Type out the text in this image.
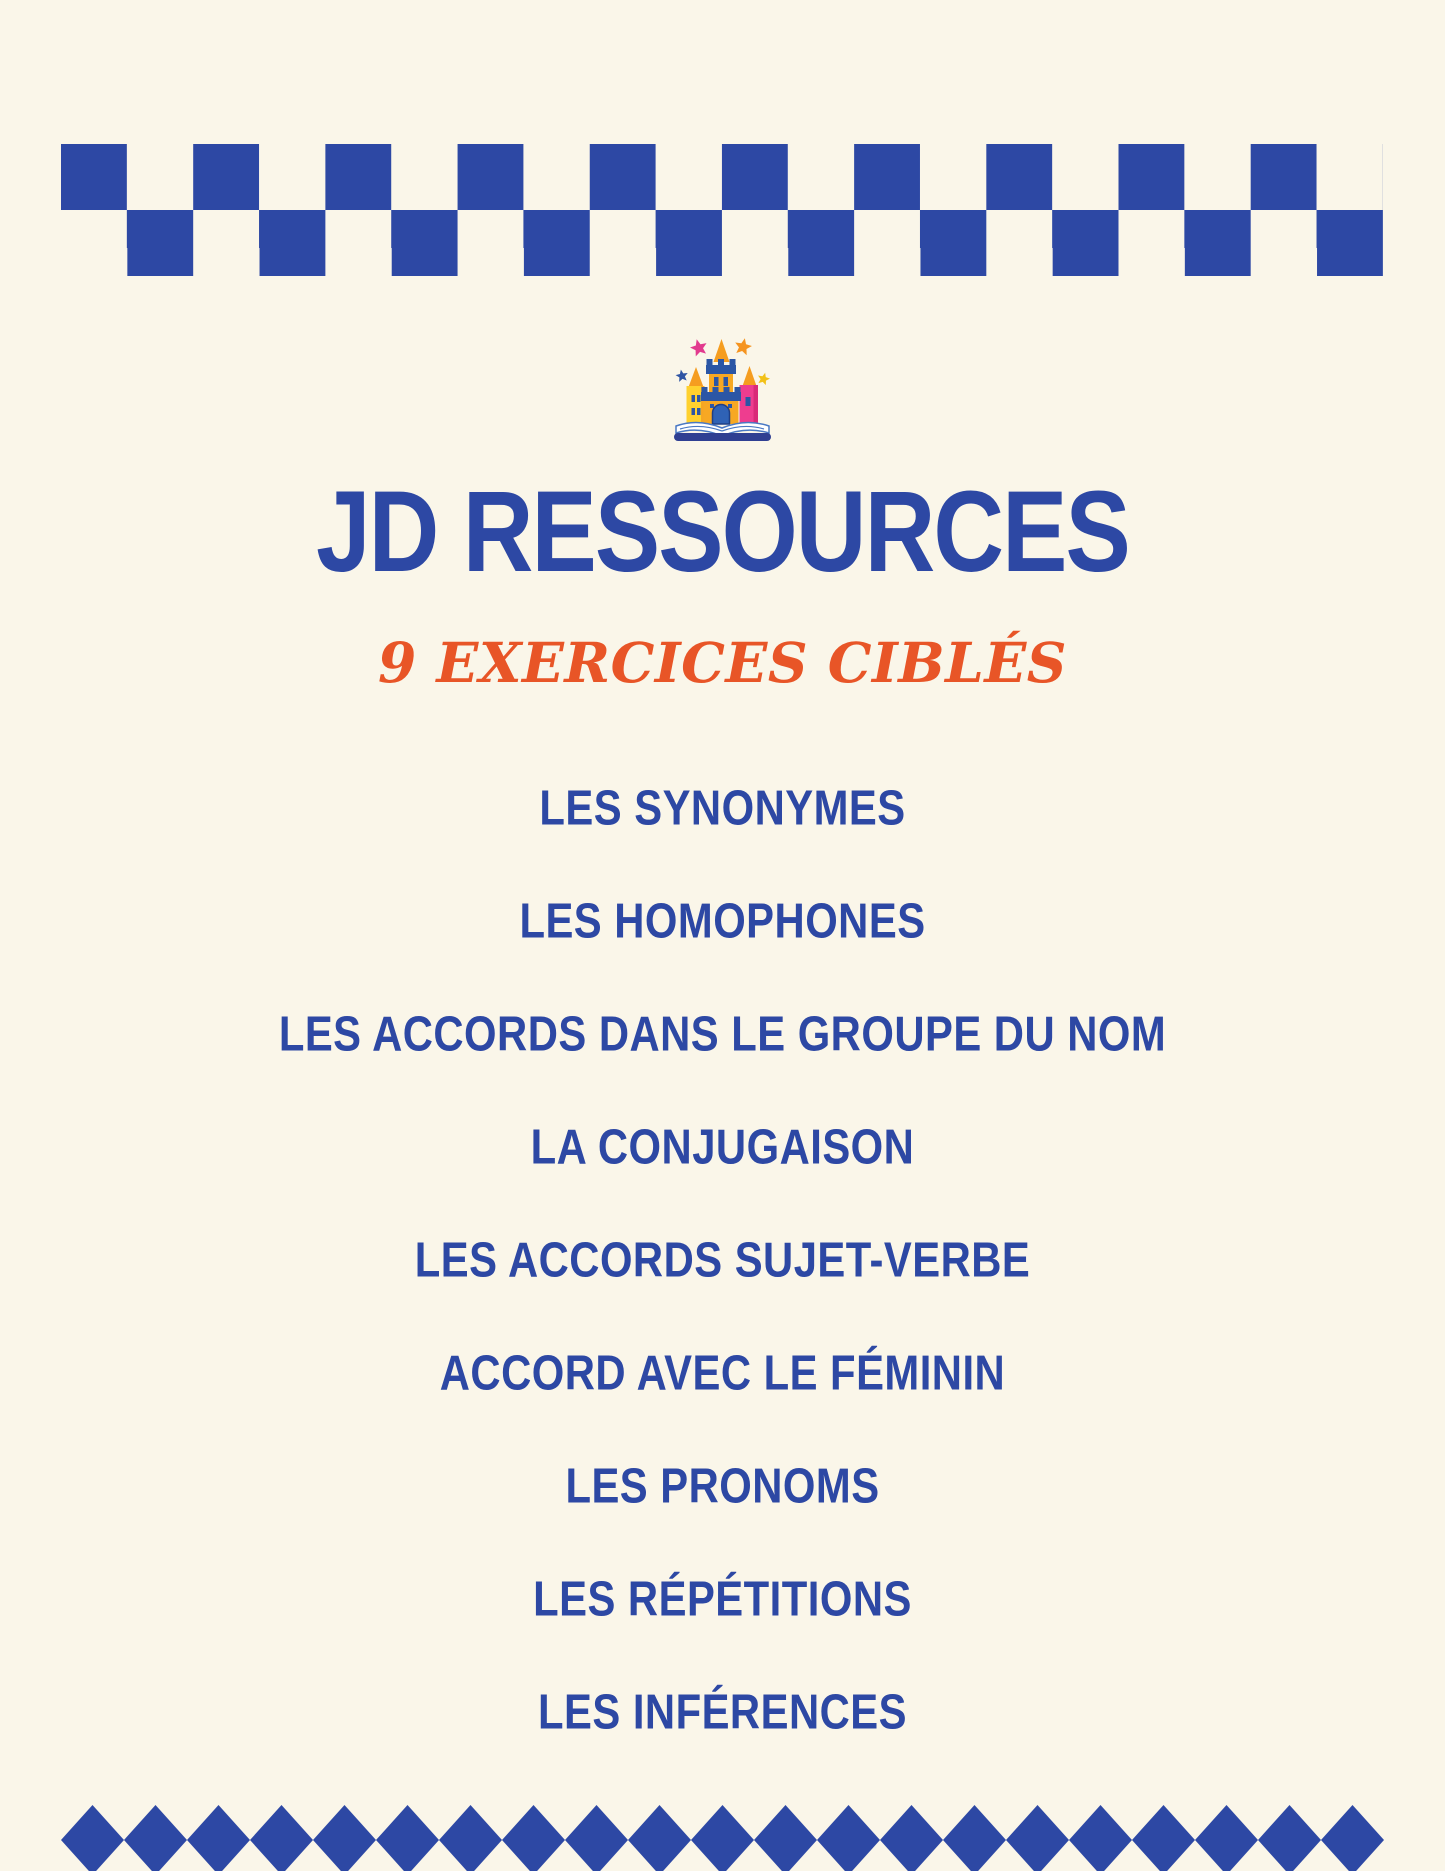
JD RESSOURCES
9 EXERCICES CIBLÉS
LES SYNONYMES
LES HOMOPHONES
LES ACCORDS DANS LE GROUPE DU NOM
LA CONJUGAISON
LES ACCORDS SUJET-VERBE
ACCORD AVEC LE FÉMININ
LES PRONOMS
LES RÉPÉTITIONS
LES INFÉRENCES
